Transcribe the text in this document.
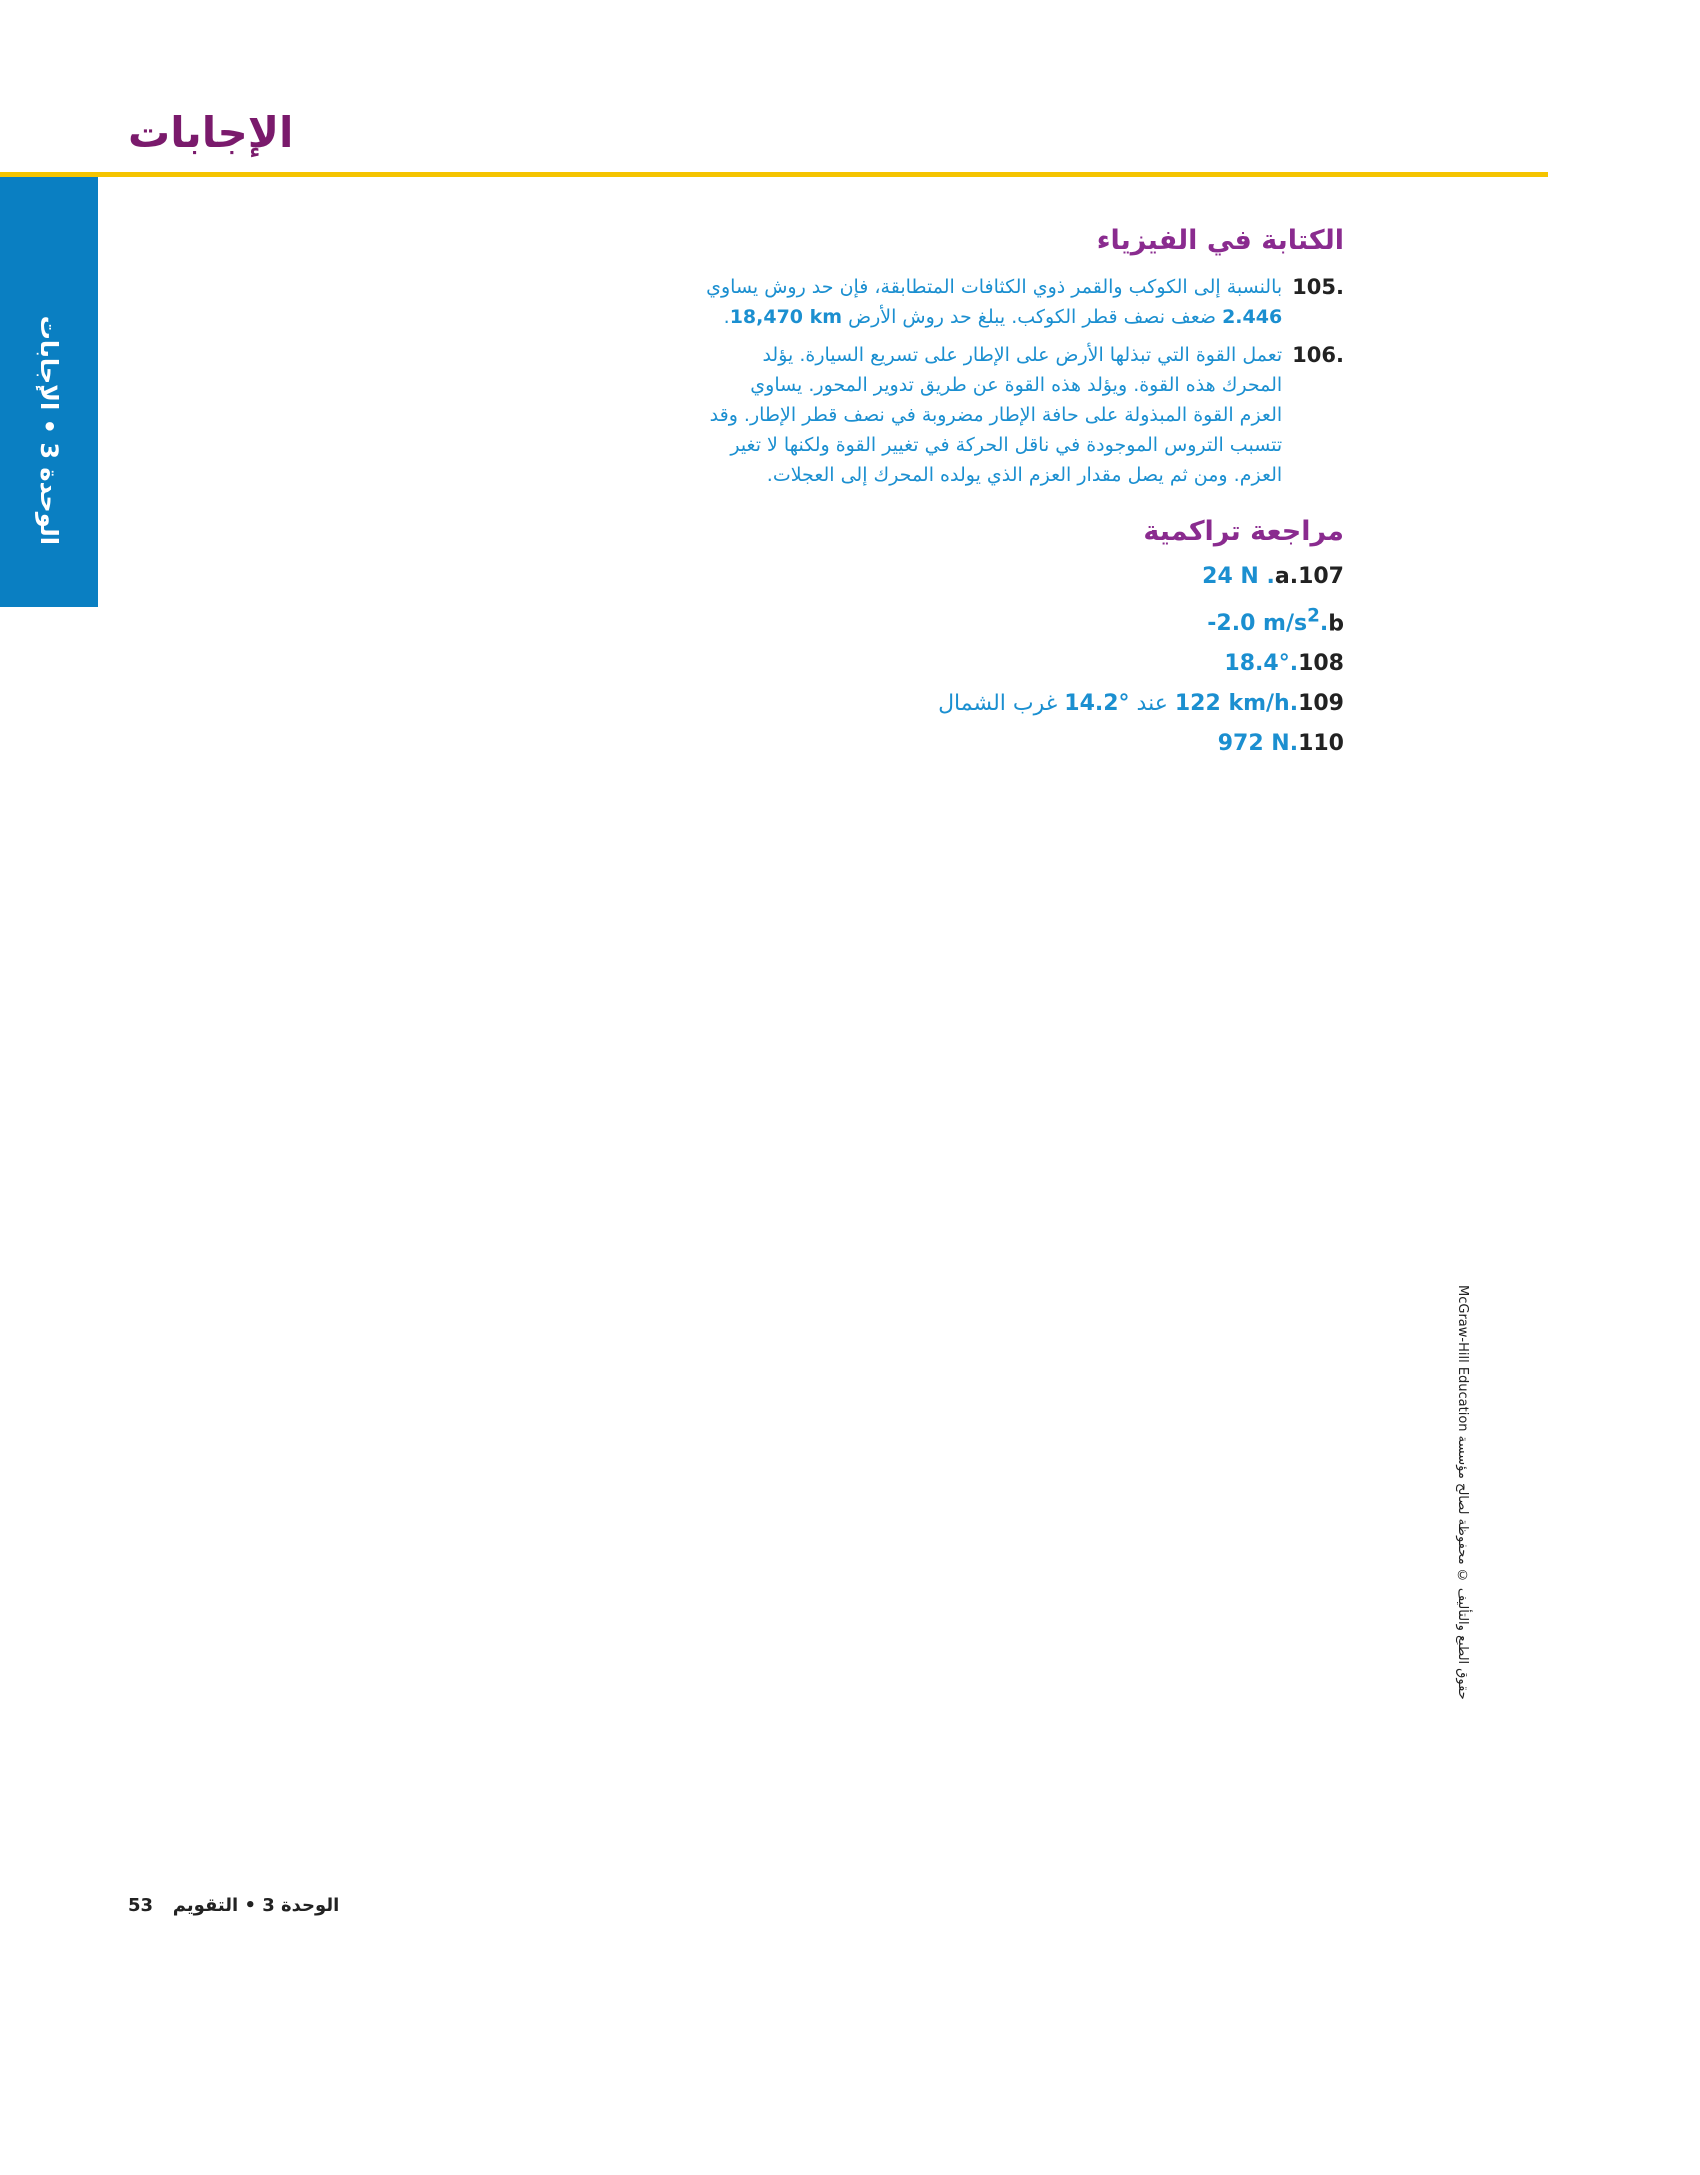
الإجابات
الوحدة 3 • الإجابات
الكتابة في الفيزياء
105.
بالنسبة إلى الكوكب والقمر ذوي الكثافات المتطابقة، فإن حد روش يساوي 2.446 ضعف نصف قطر الكوكب. يبلغ حد روش الأرض 18,470 km.
106.
تعمل القوة التي تبذلها الأرض على الإطار على تسريع السيارة. يؤلد المحرك هذه القوة. ويؤلد هذه القوة عن طريق تدوير المحور. يساوي العزم القوة المبذولة على حافة الإطار مضروبة في نصف قطر الإطار. وقد تتسبب التروس الموجودة في ناقل الحركة في تغيير القوة ولكنها لا تغير العزم. ومن ثم يصل مقدار العزم الذي يولده المحرك إلى العجلات.
مراجعة تراكمية
a.10724 N .
b-2.0 $m/s^2$.
10818.4°.
109122 km/h. عند 14.2° غرب الشمال
110972 N.
حقوق الطبع والتأليف © محفوظة لصالح مؤسسة McGraw-Hill Education
53 الوحدة 3 • التقويم
